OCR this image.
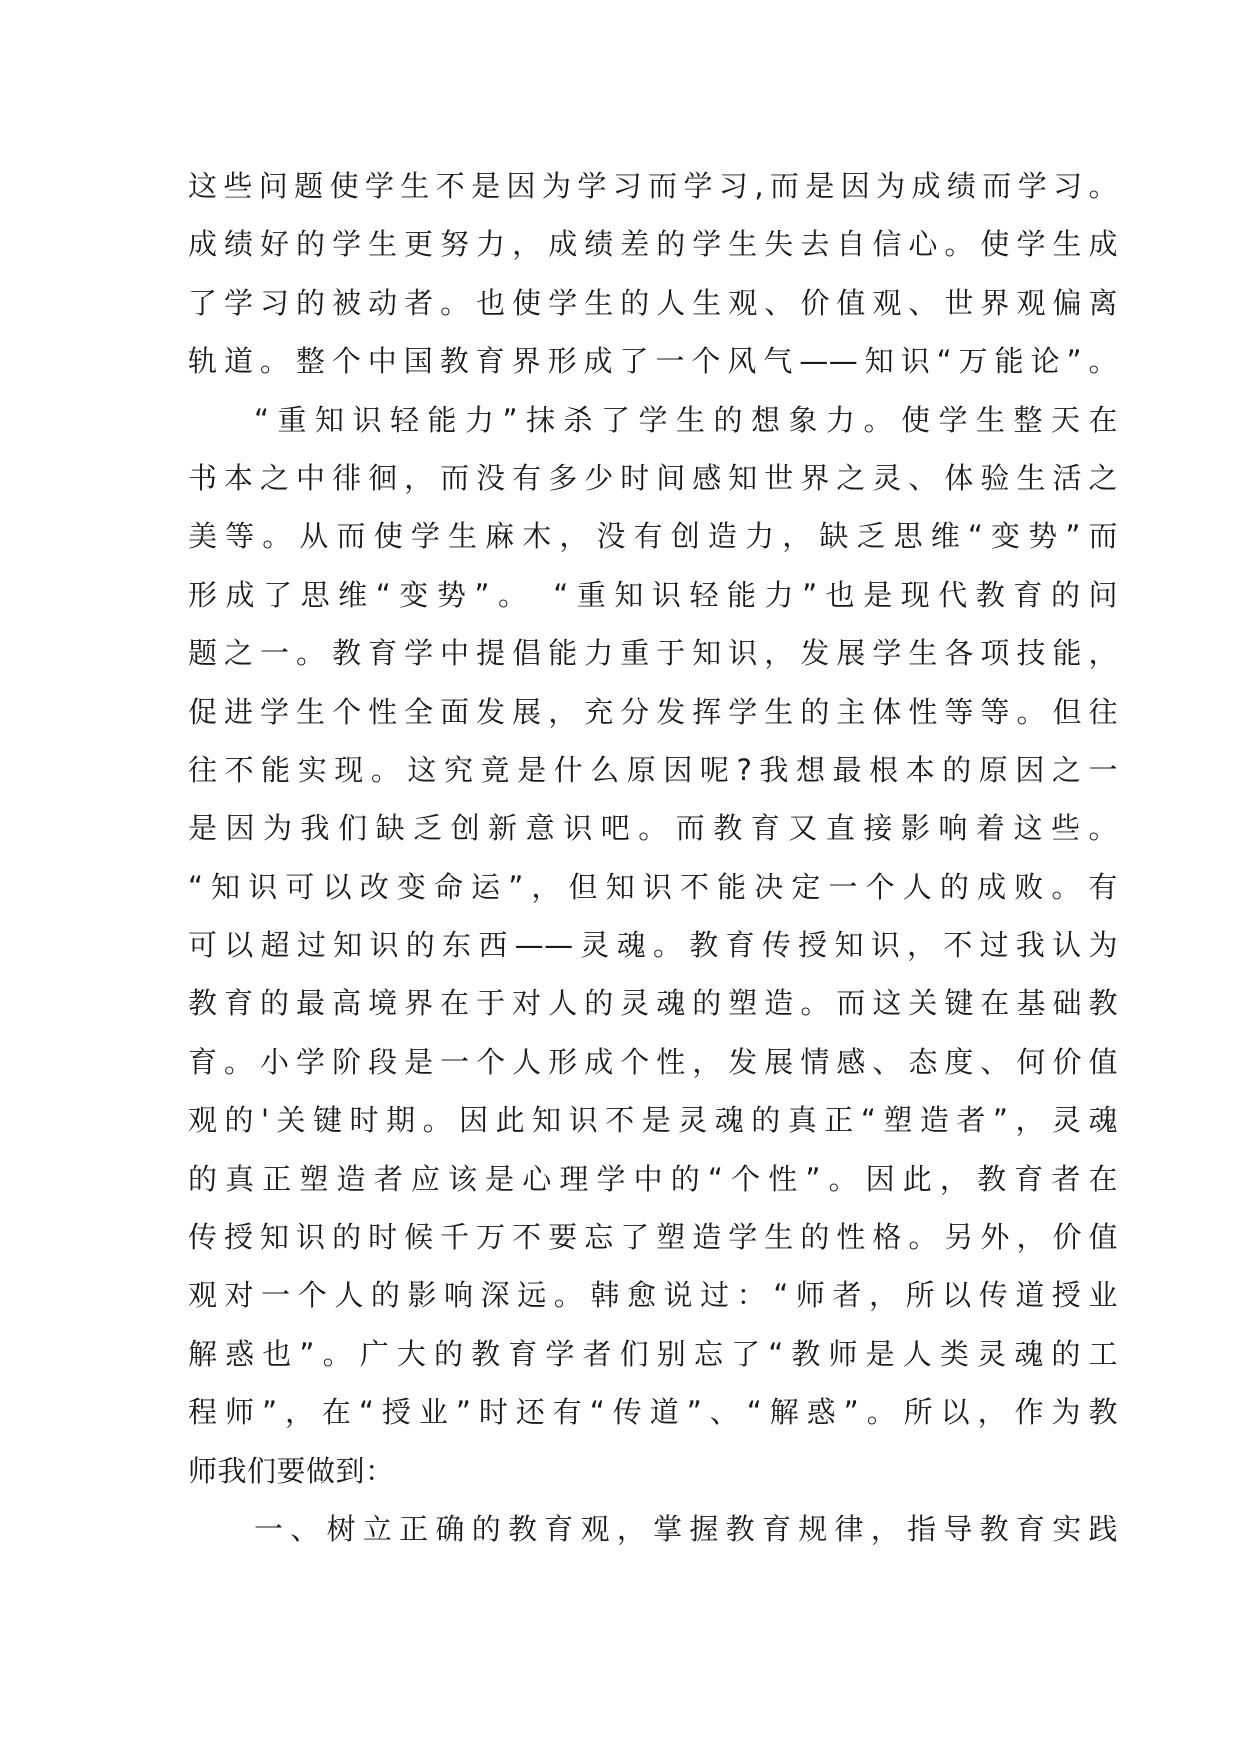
这些问题使学生不是因为学习而学习,而是因为成绩而学习。
成绩好的学生更努力，成绩差的学生失去自信心。使学生成
了学习的被动者。也使学生的人生观、价值观、世界观偏离
轨道。整个中国教育界形成了一个风气——知识“万能论”。
“重知识轻能力”抹杀了学生的想象力。使学生整天在
书本之中徘徊，而没有多少时间感知世界之灵、体验生活之
美等。从而使学生麻木，没有创造力，缺乏思维“变势”而
形成了思维“变势”。 “重知识轻能力”也是现代教育的问
题之一。教育学中提倡能力重于知识，发展学生各项技能，
促进学生个性全面发展，充分发挥学生的主体性等等。但往
往不能实现。这究竟是什么原因呢?我想最根本的原因之一
是因为我们缺乏创新意识吧。而教育又直接影响着这些。
“知识可以改变命运”，但知识不能决定一个人的成败。有
可以超过知识的东西——灵魂。教育传授知识，不过我认为
教育的最高境界在于对人的灵魂的塑造。而这关键在基础教
育。小学阶段是一个人形成个性，发展情感、态度、何价值
观的'关键时期。因此知识不是灵魂的真正“塑造者”，灵魂
的真正塑造者应该是心理学中的“个性”。因此，教育者在
传授知识的时候千万不要忘了塑造学生的性格。另外，价值
观对一个人的影响深远。韩愈说过：“师者，所以传道授业
解惑也”。广大的教育学者们别忘了“教师是人类灵魂的工
程师”，在“授业”时还有“传道”、“解惑”。所以，作为教
师我们要做到：
一、树立正确的教育观，掌握教育规律，指导教育实践
